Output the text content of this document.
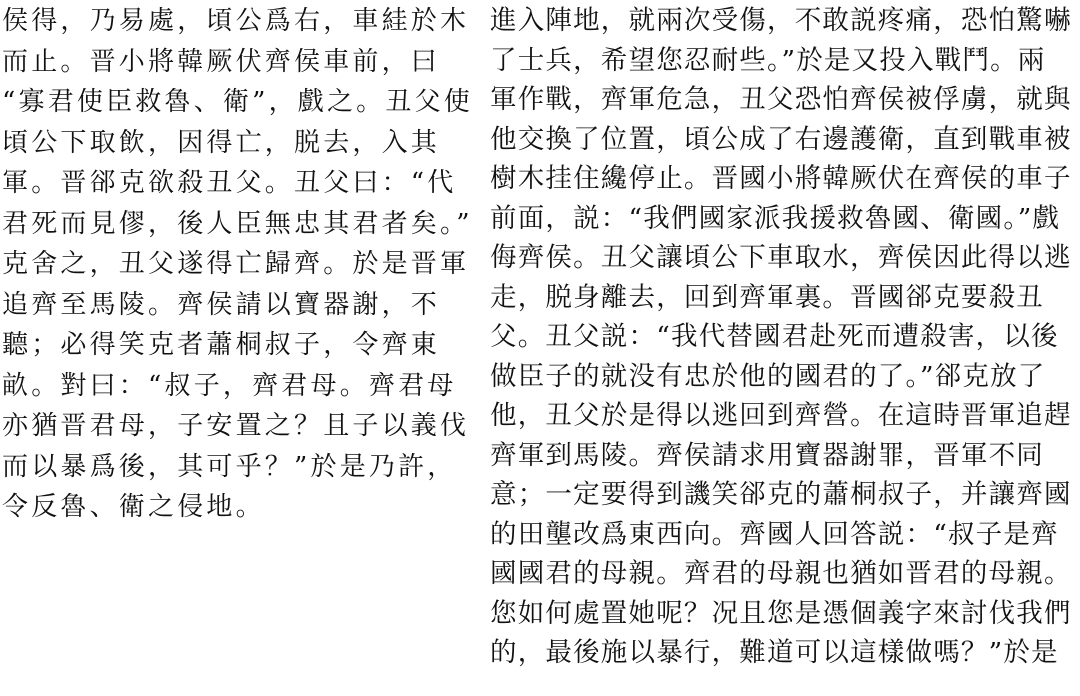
侯得，乃易處，頃公爲右，車絓於木
而止。晋小將韓厥伏齊侯車前，曰
“寡君使臣救魯、衛”，戲之。丑父使
頃公下取飲，因得亡，脱去，入其
軍。晋郤克欲殺丑父。丑父曰：“代
君死而見僇，後人臣無忠其君者矣。”
克舍之，丑父遂得亡歸齊。於是晋軍
追齊至馬陵。齊侯請以寶器謝，不
聽；必得笑克者蕭桐叔子，令齊東
畝。對曰：“叔子，齊君母。齊君母
亦猶晋君母，子安置之？且子以義伐
而以暴爲後，其可乎？”於是乃許，
令反魯、衛之侵地。
進入陣地，就兩次受傷，不敢説疼痛，恐怕驚嚇
了士兵，希望您忍耐些。”於是又投入戰鬥。兩
軍作戰，齊軍危急，丑父恐怕齊侯被俘虜，就與
他交換了位置，頃公成了右邊護衛，直到戰車被
樹木挂住纔停止。晋國小將韓厥伏在齊侯的車子
前面，説：“我們國家派我援救魯國、衛國。”戲
侮齊侯。丑父讓頃公下車取水，齊侯因此得以逃
走，脱身離去，回到齊軍裏。晋國郤克要殺丑
父。丑父説：“我代替國君赴死而遭殺害，以後
做臣子的就没有忠於他的國君的了。”郤克放了
他，丑父於是得以逃回到齊營。在這時晋軍追趕
齊軍到馬陵。齊侯請求用寶器謝罪，晋軍不同
意；一定要得到譏笑郤克的蕭桐叔子，并讓齊國
的田壟改爲東西向。齊國人回答説：“叔子是齊
國國君的母親。齊君的母親也猶如晋君的母親。
您如何處置她呢？况且您是憑個義字來討伐我們
的，最後施以暴行，難道可以這樣做嗎？”於是
